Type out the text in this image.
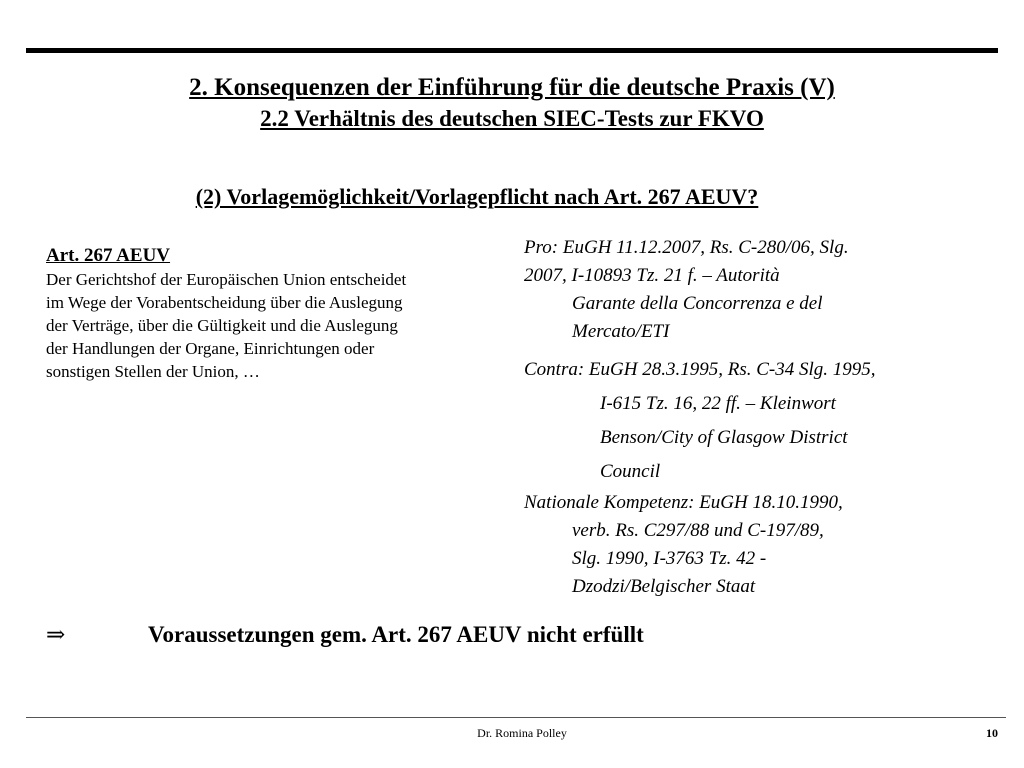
2. Konsequenzen der Einführung für die deutsche Praxis (V)
2.2 Verhältnis des deutschen SIEC-Tests zur FKVO
(2) Vorlagemöglichkeit/Vorlagepflicht nach Art. 267 AEUV?
Art. 267 AEUV
Der Gerichtshof der Europäischen Union entscheidet
im Wege der Vorabentscheidung über die Auslegung
der Verträge, über die Gültigkeit und die Auslegung
der Handlungen der Organe, Einrichtungen oder
sonstigen Stellen der Union, …
Pro: EuGH 11.12.2007, Rs. C-280/06, Slg.
2007, I-10893 Tz. 21 f. – Autorità
Garante della Concorrenza e del
Mercato/ETI
Contra: EuGH 28.3.1995, Rs. C-34 Slg. 1995,
I-615 Tz. 16, 22 ff. – Kleinwort
Benson/City of Glasgow District
Council
Nationale Kompetenz: EuGH 18.10.1990,
verb. Rs. C297/88 und C-197/89,
Slg. 1990, I-3763 Tz. 42 -
Dzodzi/Belgischer Staat
⇒	Voraussetzungen gem. Art. 267 AEUV nicht erfüllt
Dr. Romina Polley	10
